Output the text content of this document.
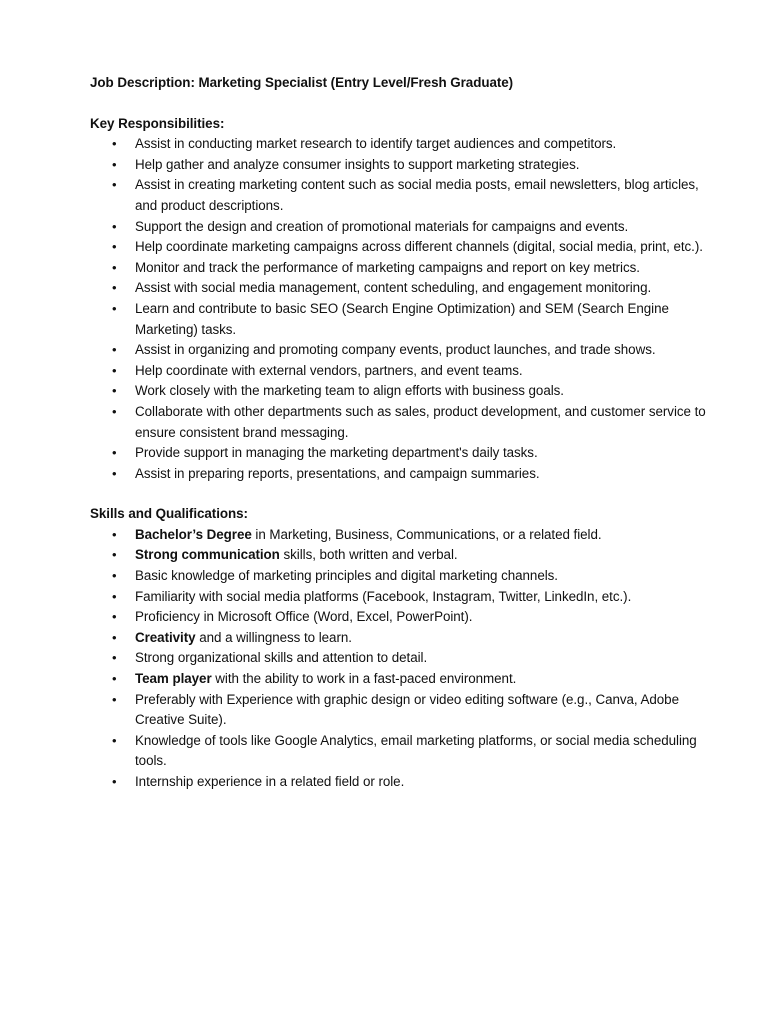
Job Description: Marketing Specialist (Entry Level/Fresh Graduate)

Key Responsibilities:

• Assist in conducting market research to identify target audiences and competitors.
• Help gather and analyze consumer insights to support marketing strategies.
• Assist in creating marketing content such as social media posts, email newsletters, blog articles, and product descriptions.
• Support the design and creation of promotional materials for campaigns and events.
• Help coordinate marketing campaigns across different channels (digital, social media, print, etc.).
• Monitor and track the performance of marketing campaigns and report on key metrics.
• Assist with social media management, content scheduling, and engagement monitoring.
• Learn and contribute to basic SEO (Search Engine Optimization) and SEM (Search Engine Marketing) tasks.
• Assist in organizing and promoting company events, product launches, and trade shows.
• Help coordinate with external vendors, partners, and event teams.
• Work closely with the marketing team to align efforts with business goals.
• Collaborate with other departments such as sales, product development, and customer service to ensure consistent brand messaging.
• Provide support in managing the marketing department's daily tasks.
• Assist in preparing reports, presentations, and campaign summaries.

Skills and Qualifications:

• Bachelor’s Degree in Marketing, Business, Communications, or a related field.
• Strong communication skills, both written and verbal.
• Basic knowledge of marketing principles and digital marketing channels.
• Familiarity with social media platforms (Facebook, Instagram, Twitter, LinkedIn, etc.).
• Proficiency in Microsoft Office (Word, Excel, PowerPoint).
• Creativity and a willingness to learn.
• Strong organizational skills and attention to detail.
• Team player with the ability to work in a fast-paced environment.
• Preferably with Experience with graphic design or video editing software (e.g., Canva, Adobe Creative Suite).
• Knowledge of tools like Google Analytics, email marketing platforms, or social media scheduling tools.
• Internship experience in a related field or role.
